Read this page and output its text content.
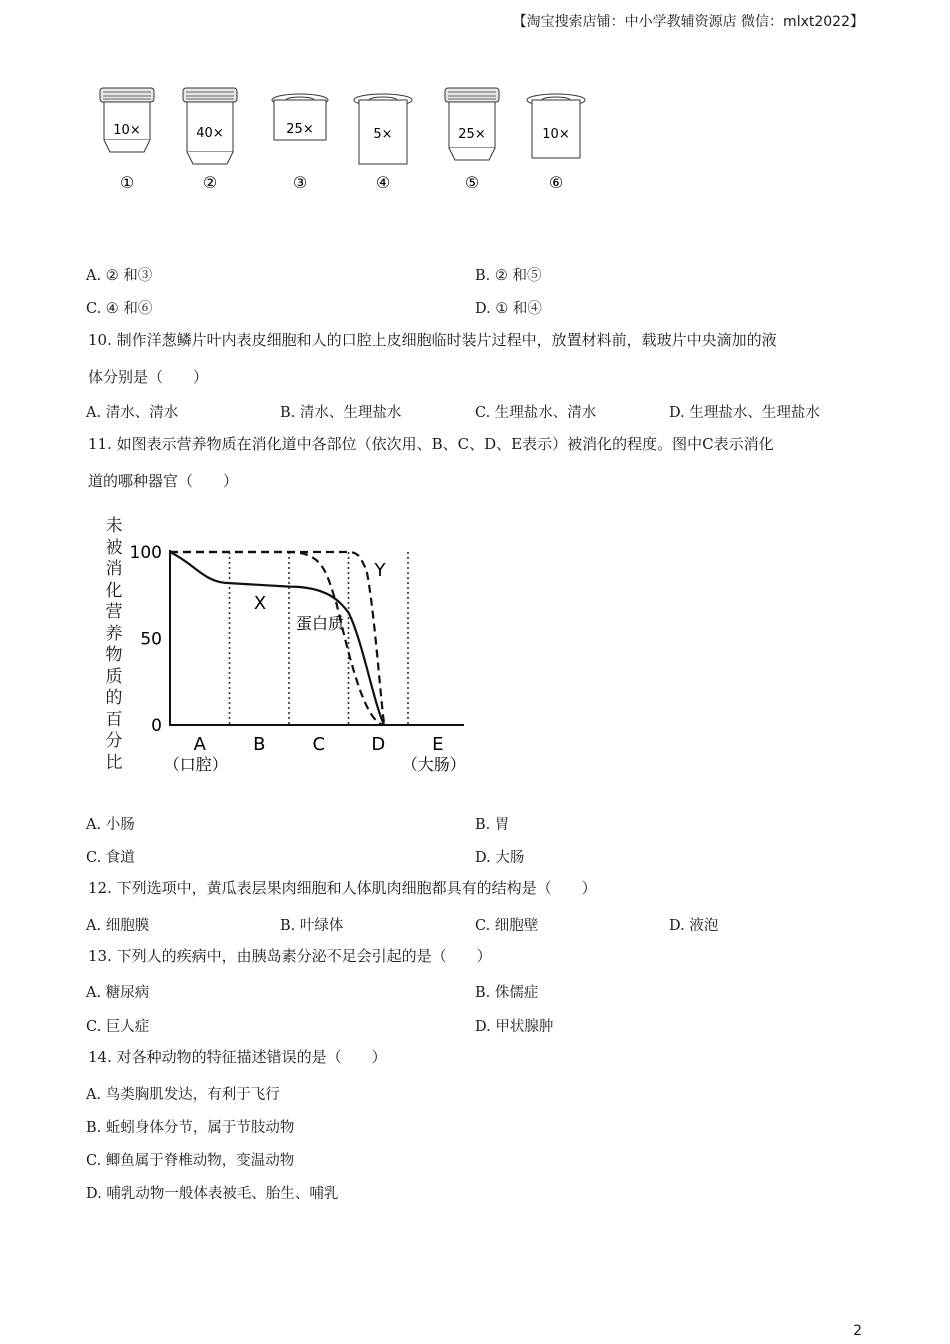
【淘宝搜索店铺：中小学教辅资源店 微信：mlxt2022】
10×
①
40×
②
25×
③
5×
④
25×
⑤
10×
⑥
A. ② 和③	B. ② 和⑤
C. ④ 和⑥	D. ① 和④
10. 制作洋葱鳞片叶内表皮细胞和人的口腔上皮细胞临时装片过程中，放置材料前，载玻片中央滴加的液
体分别是（　　）
A. 清水、清水	B. 清水、生理盐水	C. 生理盐水、清水	D. 生理盐水、生理盐水
11. 如图表示营养物质在消化道中各部位（依次用、B、C、D、E表示）被消化的程度。图中C表示消化
道的哪种器官（　　）
未被消化营养物质的百分比
100
50
0
A
（口腔）
B	C	D	E
（大肠）
X
蛋白质
Y
A. 小肠	B. 胃
C. 食道	D. 大肠
12. 下列选项中，黄瓜表层果肉细胞和人体肌肉细胞都具有的结构是（　　）
A. 细胞膜	B. 叶绿体	C. 细胞壁	D. 液泡
13. 下列人的疾病中，由胰岛素分泌不足会引起的是（　　）
A. 糖尿病	B. 侏儒症
C. 巨人症	D. 甲状腺肿
14. 对各种动物的特征描述错误的是（　　）
A. 鸟类胸肌发达，有利于飞行
B. 蚯蚓身体分节，属于节肢动物
C. 鲫鱼属于脊椎动物，变温动物
D. 哺乳动物一般体表被毛、胎生、哺乳
2
